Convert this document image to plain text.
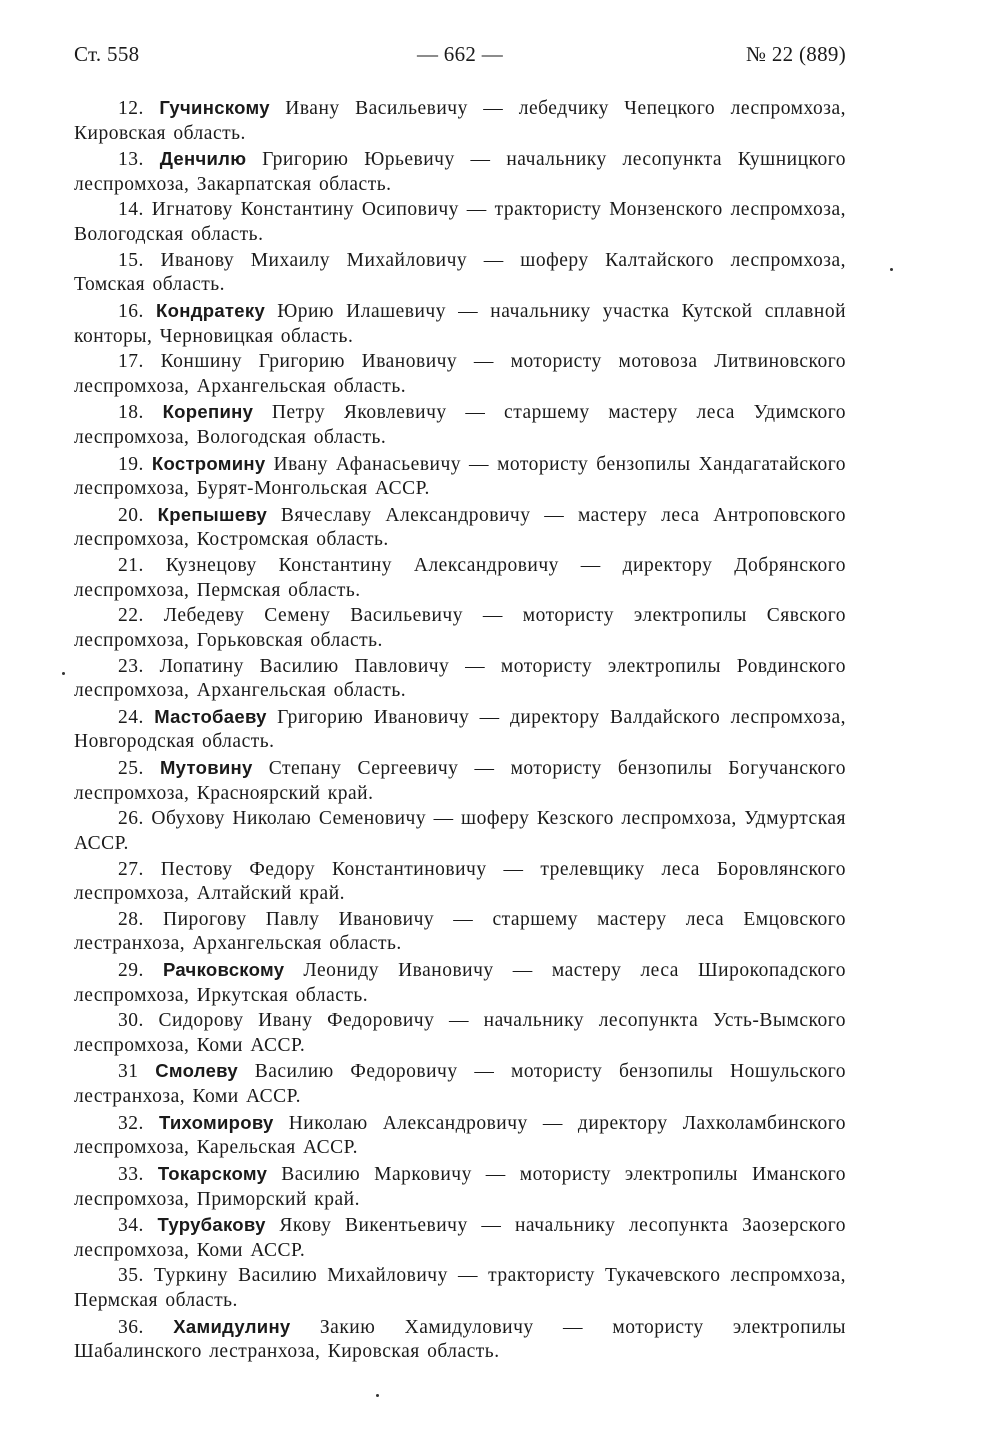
Ст. 558	— 662 —	№ 22 (889)

12. Гучинскому Ивану Васильевичу — лебедчику Чепецкого леспромхоза, Кировская область.

13. Денчилю Григорию Юрьевичу — начальнику лесопункта Кушницкого леспромхоза, Закарпатская область.

14. Игнатову Константину Осиповичу — трактористу Монзенского леспромхоза, Вологодская область.

15. Иванову Михаилу Михайловичу — шоферу Калтайского леспромхоза, Томская область.

16. Кондратеку Юрию Илашевичу — начальнику участка Кутской сплавной конторы, Черновицкая область.

17. Коншину Григорию Ивановичу — мотористу мотовоза Литвиновского леспромхоза, Архангельская область.

18. Корепину Петру Яковлевичу — старшему мастеру леса Удимского леспромхоза, Вологодская область.

19. Костромину Ивану Афанасьевичу — мотористу бензопилы Хандагатайского леспромхоза, Бурят-Монгольская АССР.

20. Крепышеву Вячеславу Александровичу — мастеру леса Антроповского леспромхоза, Костромская область.

21. Кузнецову Константину Александровичу — директору Добрянского леспромхоза, Пермская область.

22. Лебедеву Семену Васильевичу — мотористу электропилы Сявского леспромхоза, Горьковская область.

23. Лопатину Василию Павловичу — мотористу электропилы Ровдинского леспромхоза, Архангельская область.

24. Мастобаеву Григорию Ивановичу — директору Валдайского леспромхоза, Новгородская область.

25. Мутовину Степану Сергеевичу — мотористу бензопилы Богучанского леспромхоза, Красноярский край.

26. Обухову Николаю Семеновичу — шоферу Кезского леспромхоза, Удмуртская АССР.

27. Пестову Федору Константиновичу — трелевщику леса Боровлянского леспромхоза, Алтайский край.

28. Пирогову Павлу Ивановичу — старшему мастеру леса Емцовского лестранхоза, Архангельская область.

29. Рачковскому Леониду Ивановичу — мастеру леса Широкопадского леспромхоза, Иркутская область.

30. Сидорову Ивану Федоровичу — начальнику лесопункта Усть-Вымского леспромхоза, Коми АССР.

31 Смолеву Василию Федоровичу — мотористу бензопилы Ношульского лестранхоза, Коми АССР.

32. Тихомирову Николаю Александровичу — директору Лахколамбинского леспромхоза, Карельская АССР.

33. Токарскому Василию Марковичу — мотористу электропилы Иманского леспромхоза, Приморский край.

34. Турубакову Якову Викентьевичу — начальнику лесопункта Заозерского леспромхоза, Коми АССР.

35. Туркину Василию Михайловичу — трактористу Тукачевского леспромхоза, Пермская область.

36. Хамидулину Закию Хамидуловичу — мотористу электропилы Шабалинского лестранхоза, Кировская область.
